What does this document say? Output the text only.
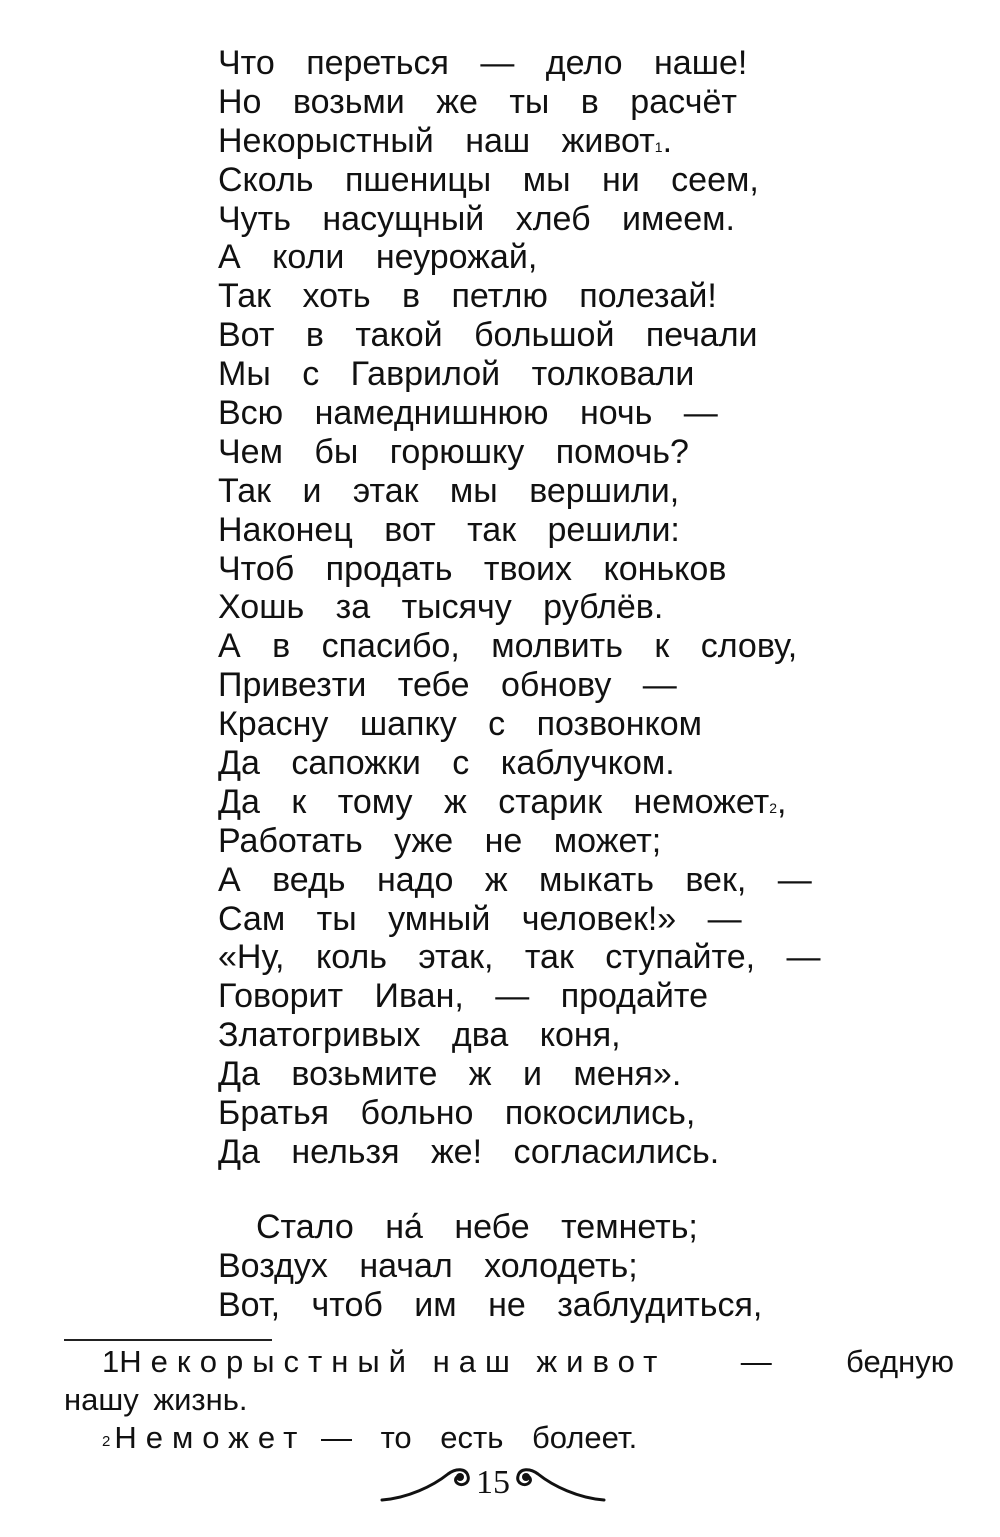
Что переться — дело наше!
Но возьми же ты в расчёт
Некорыстный наш живот$^1$.
Сколь пшеницы мы ни сеем,
Чуть насущный хлеб имеем.
А коли неурожай,
Так хоть в петлю полезай!
Вот в такой большой печали
Мы с Гаврилой толковали
Всю намеднишнюю ночь —
Чем бы горюшку помочь?
Так и этак мы вершили,
Наконец вот так решили:
Чтоб продать твоих коньков
Хошь за тысячу рублёв.
А в спасибо, молвить к слову,
Привезти тебе обнову —
Красну шапку с позвонком
Да сапожки с каблучком.
Да к тому ж старик неможет$^2$,
Работать уже не может;
А ведь надо ж мыкать век, —
Сам ты умный человек!» —
«Ну, коль этак, так ступайте, —
Говорит Иван, — продайте
Златогривых два коня,
Да возьмите ж и меня».
Братья больно покосились,
Да нельзя же! согласились.
Стало на́ небе темнеть;
Воздух начал холодеть;
Вот, чтоб им не заблудиться,
1Некорыстный наш живот — бедную
нашу жизнь.
$^2$ Неможет — то есть болеет.
15
